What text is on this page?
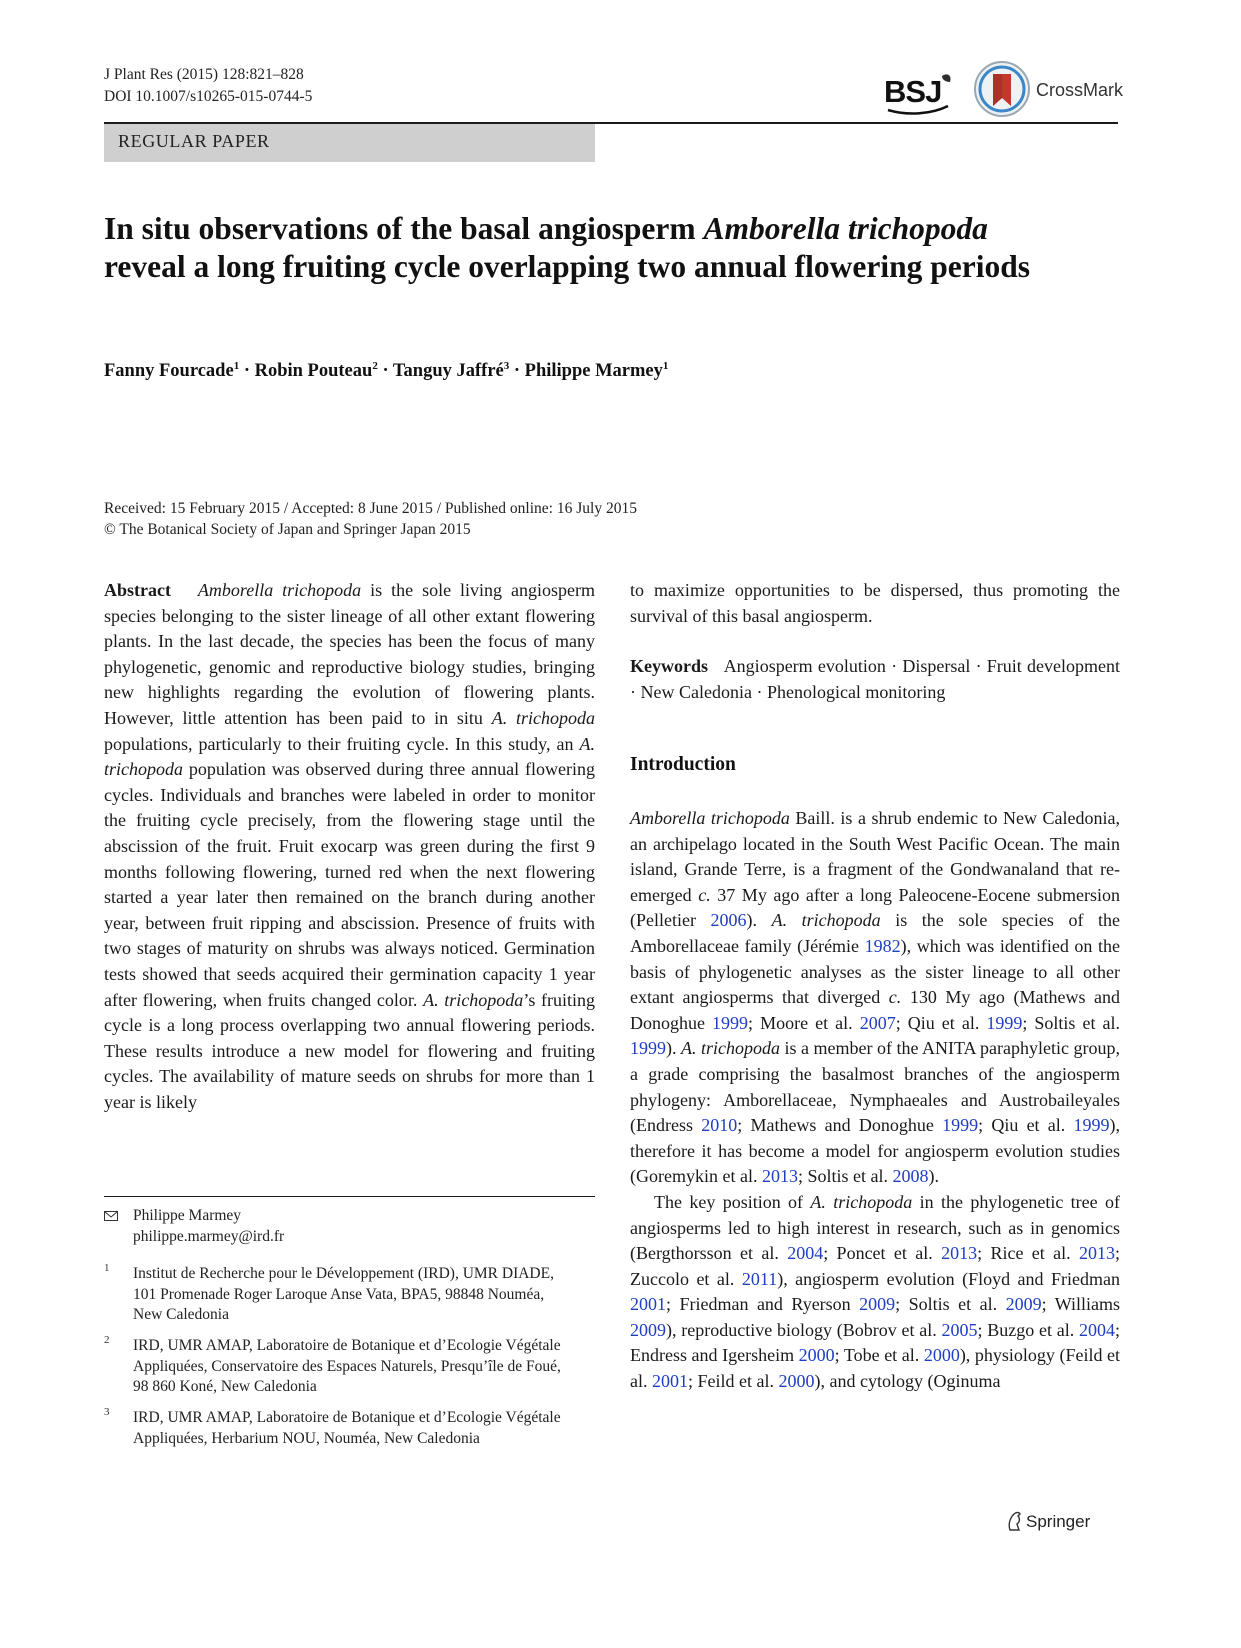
J Plant Res (2015) 128:821–828
DOI 10.1007/s10265-015-0744-5	BSJ	CrossMark
REGULAR PAPER
In situ observations of the basal angiosperm Amborella trichopoda reveal a long fruiting cycle overlapping two annual flowering periods
Fanny Fourcade$^1$ · Robin Pouteau$^2$ · Tanguy Jaffré$^3$ · Philippe Marmey$^1$
Received: 15 February 2015 / Accepted: 8 June 2015 / Published online: 16 July 2015
© The Botanical Society of Japan and Springer Japan 2015

Abstract Amborella trichopoda is the sole living angiosperm species belonging to the sister lineage of all other extant flowering plants. In the last decade, the species has been the focus of many phylogenetic, genomic and reproductive biology studies, bringing new highlights regarding the evolution of flowering plants. However, little attention has been paid to in situ A. trichopoda populations, particularly to their fruiting cycle. In this study, an A. trichopoda population was observed during three annual flowering cycles. Individuals and branches were labeled in order to monitor the fruiting cycle precisely, from the flowering stage until the abscission of the fruit. Fruit exocarp was green during the first 9 months following flowering, turned red when the next flowering started a year later then remained on the branch during another year, between fruit ripping and abscission. Presence of fruits with two stages of maturity on shrubs was always noticed. Germination tests showed that seeds acquired their germination capacity 1 year after flowering, when fruits changed color. A. trichopoda’s fruiting cycle is a long process overlapping two annual flowering periods. These results introduce a new model for flowering and fruiting cycles. The availability of mature seeds on shrubs for more than 1 year is likely

Philippe Marmey
philippe.marmey@ird.fr
1 Institut de Recherche pour le Développement (IRD), UMR DIADE, 101 Promenade Roger Laroque Anse Vata, BPA5, 98848 Nouméa, New Caledonia
2 IRD, UMR AMAP, Laboratoire de Botanique et d’Ecologie Végétale Appliquées, Conservatoire des Espaces Naturels, Presqu’île de Foué, 98 860 Koné, New Caledonia
3 IRD, UMR AMAP, Laboratoire de Botanique et d’Ecologie Végétale Appliquées, Herbarium NOU, Nouméa, New Caledonia

to maximize opportunities to be dispersed, thus promoting the survival of this basal angiosperm.

Keywords Angiosperm evolution · Dispersal · Fruit development · New Caledonia · Phenological monitoring

Introduction

Amborella trichopoda Baill. is a shrub endemic to New Caledonia, an archipelago located in the South West Pacific Ocean. The main island, Grande Terre, is a fragment of the Gondwanaland that re-emerged c. 37 My ago after a long Paleocene-Eocene submersion (Pelletier 2006). A. trichopoda is the sole species of the Amborellaceae family (Jérémie 1982), which was identified on the basis of phylogenetic analyses as the sister lineage to all other extant angiosperms that diverged c. 130 My ago (Mathews and Donoghue 1999; Moore et al. 2007; Qiu et al. 1999; Soltis et al. 1999). A. trichopoda is a member of the ANITA paraphyletic group, a grade comprising the basalmost branches of the angiosperm phylogeny: Amborellaceae, Nymphaeales and Austrobaileyales (Endress 2010; Mathews and Donoghue 1999; Qiu et al. 1999), therefore it has become a model for angiosperm evolution studies (Goremykin et al. 2013; Soltis et al. 2008).

The key position of A. trichopoda in the phylogenetic tree of angiosperms led to high interest in research, such as in genomics (Bergthorsson et al. 2004; Poncet et al. 2013; Rice et al. 2013; Zuccolo et al. 2011), angiosperm evolution (Floyd and Friedman 2001; Friedman and Ryerson 2009; Soltis et al. 2009; Williams 2009), reproductive biology (Bobrov et al. 2005; Buzgo et al. 2004; Endress and Igersheim 2000; Tobe et al. 2000), physiology (Feild et al. 2001; Feild et al. 2000), and cytology (Oginuma

Springer
